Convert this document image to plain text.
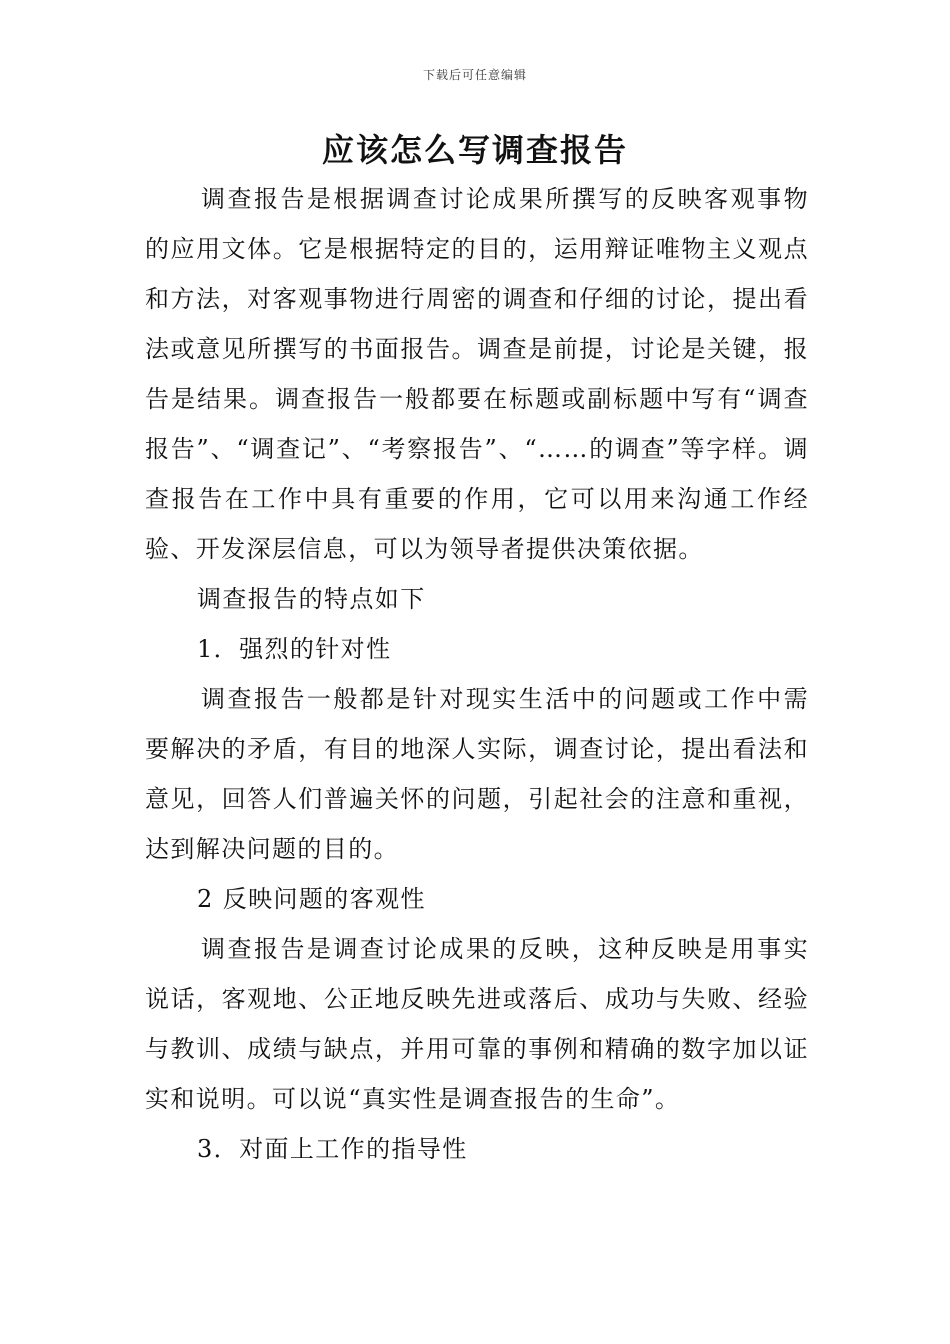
下载后可任意编辑
应该怎么写调查报告

调查报告是根据调查讨论成果所撰写的反映客观事物的应用文体。它是根据特定的目的，运用辩证唯物主义观点和方法，对客观事物进行周密的调查和仔细的讨论，提出看法或意见所撰写的书面报告。调查是前提，讨论是关键，报告是结果。调查报告一般都要在标题或副标题中写有“调查报告”、“调查记”、“考察报告”、“……的调查”等字样。调查报告在工作中具有重要的作用，它可以用来沟通工作经验、开发深层信息，可以为领导者提供决策依据。

调查报告的特点如下

1．强烈的针对性

调查报告一般都是针对现实生活中的问题或工作中需要解决的矛盾，有目的地深人实际，调查讨论，提出看法和意见，回答人们普遍关怀的问题，引起社会的注意和重视，达到解决问题的目的。

2 反映问题的客观性

调查报告是调查讨论成果的反映，这种反映是用事实说话，客观地、公正地反映先进或落后、成功与失败、经验与教训、成绩与缺点，并用可靠的事例和精确的数字加以证实和说明。可以说“真实性是调查报告的生命”。

3．对面上工作的指导性
